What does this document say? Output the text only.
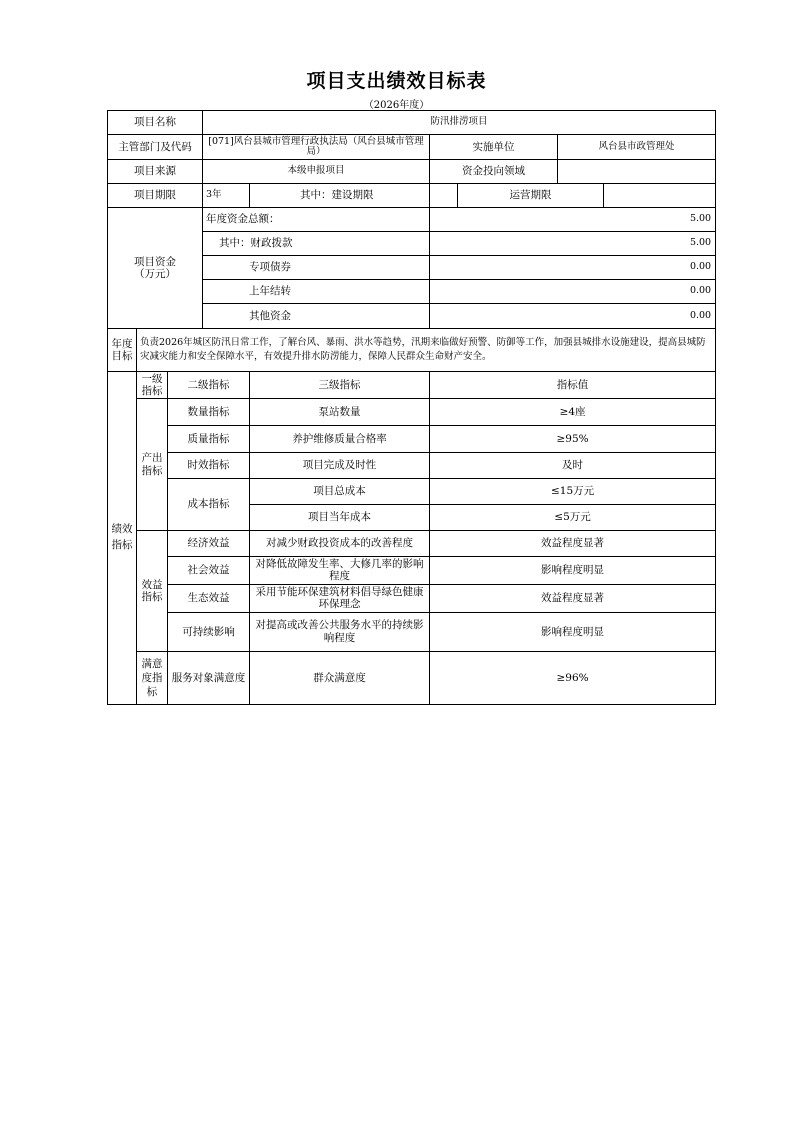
项目支出绩效目标表
（2026年度）
项目名称			防汛排涝项目					
主管部门及代码			[071]风台县城市管理行政执法局（风台县城市管理局）		实施单位		风台县市政管理处	
项目来源			本级申报项目		资金投向领域			
项目期限			3年	其中：建设期限		运营期限		
项目资金（万元）			年度资金总额：		5.00			
			其中：财政拨款		5.00			
			专项债券		0.00			
			上年结转		0.00			
			其他资金		0.00			
年度目标	负责2026年城区防汛日常工作，了解台风、暴雨、洪水等趋势，汛期来临做好预警、防御等工作，加强县城排水设施建设，提高县城防灾减灾能力和安全保障水平，有效提升排水防涝能力，保障人民群众生命财产安全。							
绩效指标	一级指标	二级指标		三级指标	指标值			
	产出指标	数量指标		泵站数量	≥4座			
		质量指标		养护维修质量合格率	≥95%			
		时效指标		项目完成及时性	及时			
		成本指标		项目总成本	≤15万元			
				项目当年成本	≤5万元			
	效益指标	经济效益		对减少财政投资成本的改善程度	效益程度显著			
		社会效益		对降低故障发生率、大修几率的影响程度	影响程度明显			
		生态效益		采用节能环保建筑材料倡导绿色健康环保理念	效益程度显著			
		可持续影响		对提高或改善公共服务水平的持续影响程度	影响程度明显			
	满意度指标	服务对象满意度		群众满意度	≥96%			
